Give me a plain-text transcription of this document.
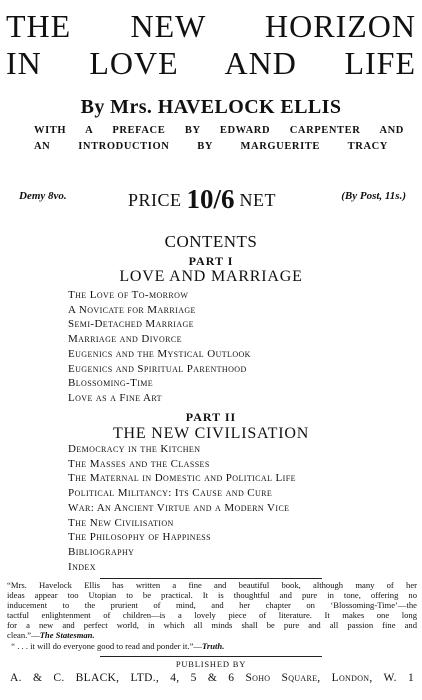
THE NEW HORIZON
IN LOVE AND LIFE
By Mrs. HAVELOCK ELLIS
WITH A PREFACE BY EDWARD CARPENTER AND
AN INTRODUCTION BY MARGUERITE TRACY
Demy 8vo.	PRICE 10/6 NET	(By Post, 11s.)
CONTENTS
PART I
LOVE AND MARRIAGE
The Love of To-morrow
A Novicate for Marriage
Semi-Detached Marriage
Marriage and Divorce
Eugenics and the Mystical Outlook
Eugenics and Spiritual Parenthood
Blossoming-Time
Love as a Fine Art
PART II
THE NEW CIVILISATION
Democracy in the Kitchen
The Masses and the Classes
The Maternal in Domestic and Political Life
Political Militancy: Its Cause and Cure
War: An Ancient Virtue and a Modern Vice
The New Civilisation
The Philosophy of Happiness
Bibliography
Index
“Mrs. Havelock Ellis has written a fine and beautiful book, although many of her
ideas appear too Utopian to be practical. It is thoughtful and pure in tone, offering no
inducement to the prurient of mind, and her chapter on ‘Blossoming-Time’—the
tactful enlightenment of children—is a lovely piece of literature. It makes one long
for a new and perfect world, in which all minds shall be pure and all passion fine and
clean.”—The Statesman.
“ . . . it will do everyone good to read and ponder it.”—Truth.
PUBLISHED BY
A. & C. BLACK, LTD., 4, 5 & 6 Soho Square, London, W. 1
